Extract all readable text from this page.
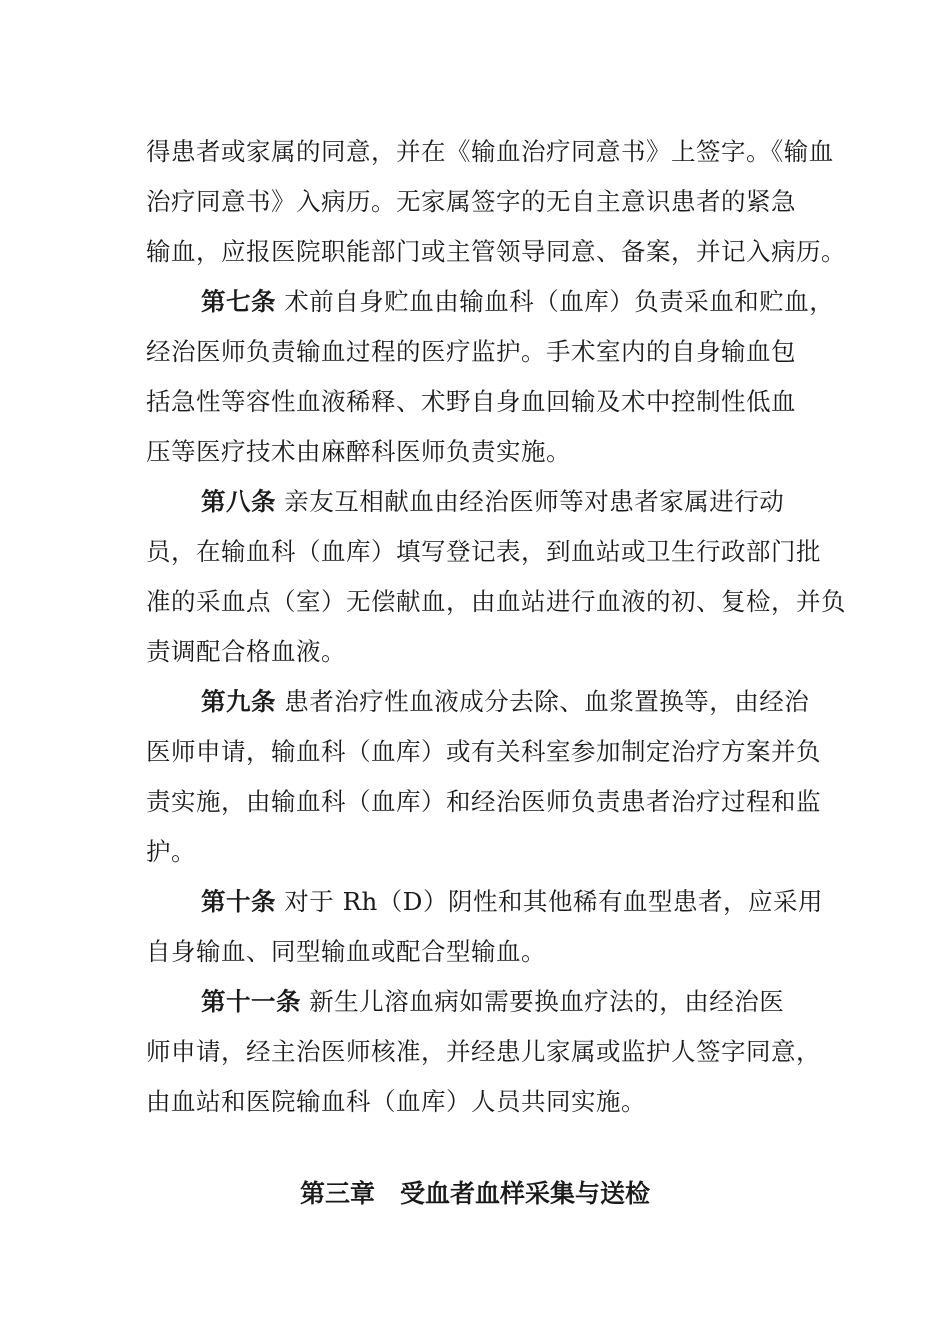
得患者或家属的同意，并在《输血治疗同意书》上签字。《输血
治疗同意书》入病历。无家属签字的无自主意识患者的紧急
输血，应报医院职能部门或主管领导同意、备案，并记入病历。
第七条 术前自身贮血由输血科（血库）负责采血和贮血，
经治医师负责输血过程的医疗监护。手术室内的自身输血包
括急性等容性血液稀释、术野自身血回输及术中控制性低血
压等医疗技术由麻醉科医师负责实施。
第八条 亲友互相献血由经治医师等对患者家属进行动
员，在输血科（血库）填写登记表，到血站或卫生行政部门批
准的采血点（室）无偿献血，由血站进行血液的初、复检，并负
责调配合格血液。
第九条 患者治疗性血液成分去除、血浆置换等，由经治
医师申请，输血科（血库）或有关科室参加制定治疗方案并负
责实施，由输血科（血库）和经治医师负责患者治疗过程和监
护。
第十条 对于 Rh（D）阴性和其他稀有血型患者，应采用
自身输血、同型输血或配合型输血。
第十一条 新生儿溶血病如需要换血疗法的，由经治医
师申请，经主治医师核准，并经患儿家属或监护人签字同意，
由血站和医院输血科（血库）人员共同实施。
第三章　受血者血样采集与送检
